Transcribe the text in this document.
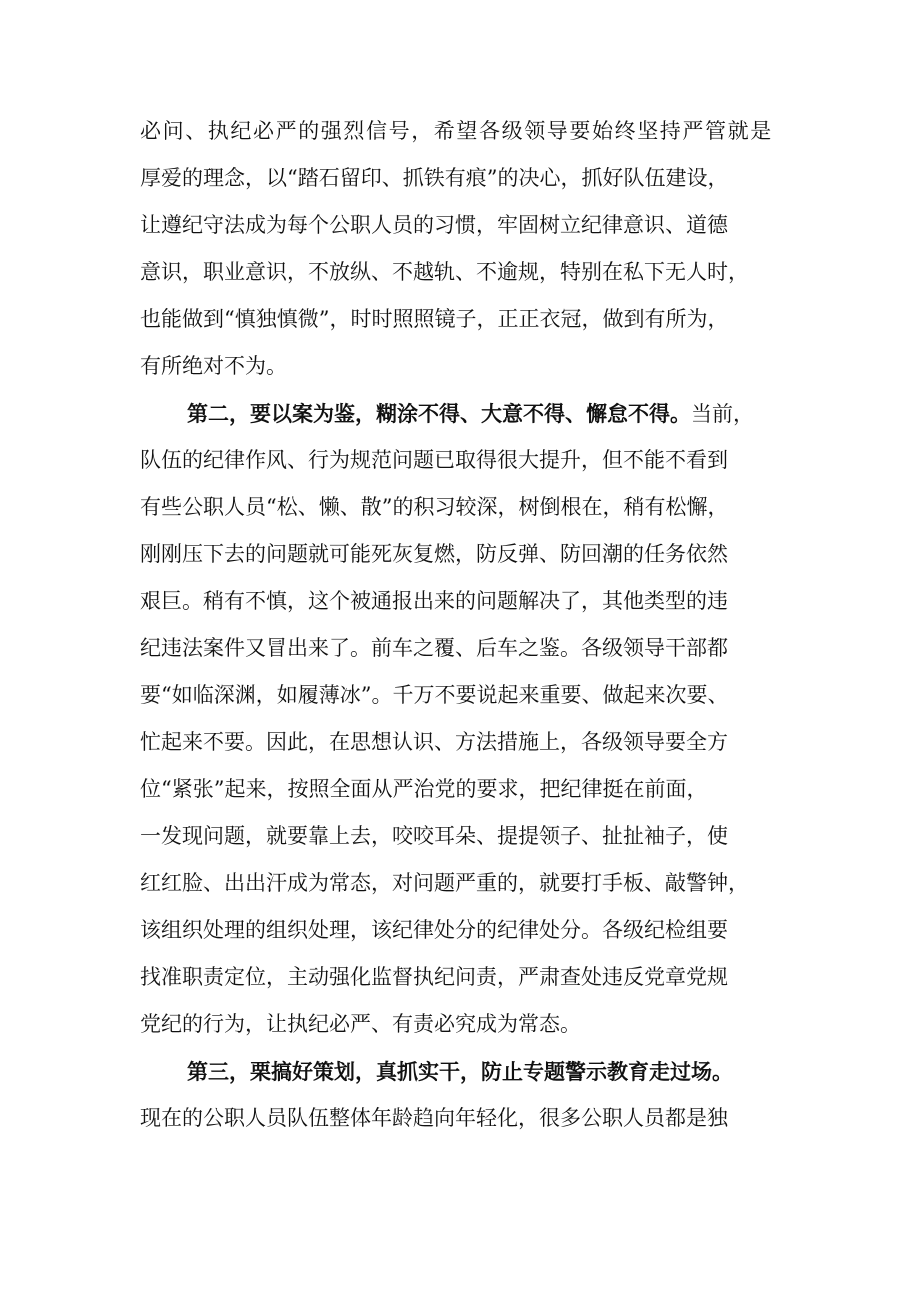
必问、执纪必严的强烈信号，希望各级领导要始终坚持严管就是
厚爱的理念，以“踏石留印、抓铁有痕”的决心，抓好队伍建设，
让遵纪守法成为每个公职人员的习惯，牢固树立纪律意识、道德
意识，职业意识，不放纵、不越轨、不逾规，特别在私下无人时，
也能做到“慎独慎微”，时时照照镜子，正正衣冠，做到有所为，
有所绝对不为。
第二，要以案为鉴，糊涂不得、大意不得、懈怠不得。当前，
队伍的纪律作风、行为规范问题已取得很大提升，但不能不看到
有些公职人员“松、懒、散”的积习较深，树倒根在，稍有松懈，
刚刚压下去的问题就可能死灰复燃，防反弹、防回潮的任务依然
艰巨。稍有不慎，这个被通报出来的问题解决了，其他类型的违
纪违法案件又冒出来了。前车之覆、后车之鉴。各级领导干部都
要“如临深渊，如履薄冰”。千万不要说起来重要、做起来次要、
忙起来不要。因此，在思想认识、方法措施上，各级领导要全方
位“紧张”起来，按照全面从严治党的要求，把纪律挺在前面，
一发现问题，就要靠上去，咬咬耳朵、提提领子、扯扯袖子，使
红红脸、出出汗成为常态，对问题严重的，就要打手板、敲警钟，
该组织处理的组织处理，该纪律处分的纪律处分。各级纪检组要
找准职责定位，主动强化监督执纪问责，严肃查处违反党章党规
党纪的行为，让执纪必严、有责必究成为常态。
第三，栗搞好策划，真抓实干，防止专题警示教育走过场。
现在的公职人员队伍整体年龄趋向年轻化，很多公职人员都是独
